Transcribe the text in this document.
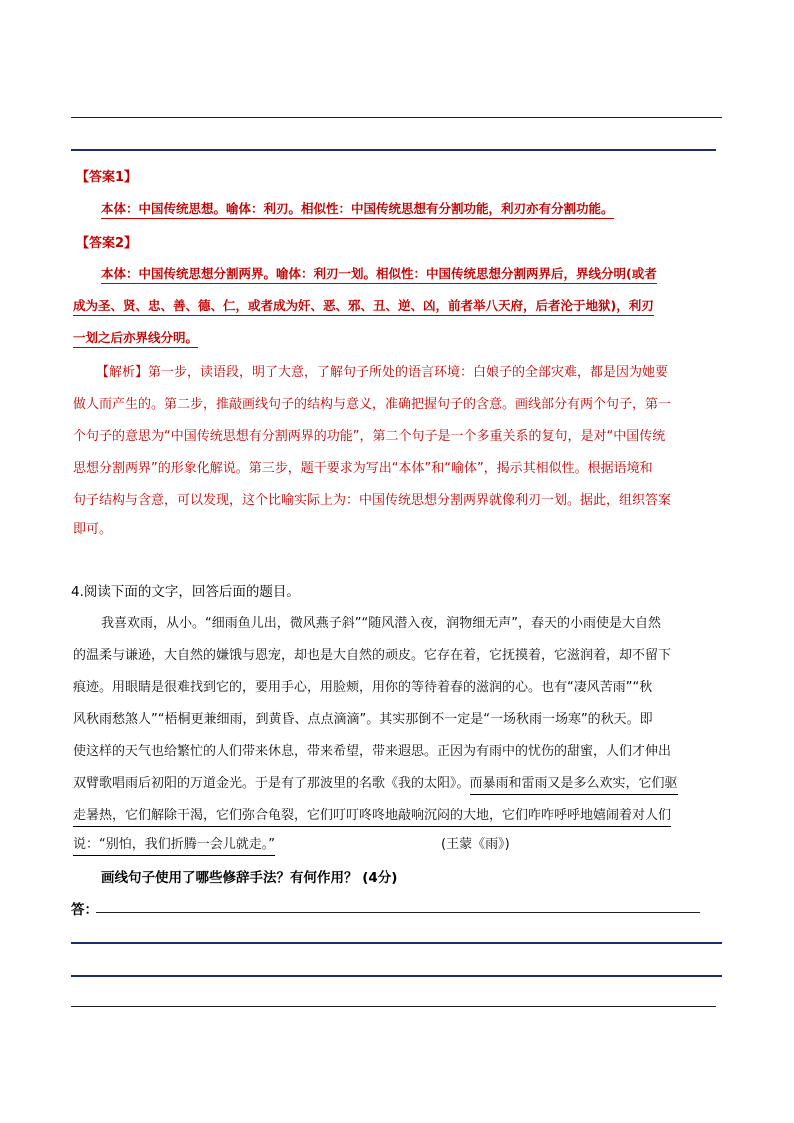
【答案1】
本体：中国传统思想。喻体：利刃。相似性：中国传统思想有分割功能，利刃亦有分割功能。
【答案2】
本体：中国传统思想分割两界。喻体：利刃一划。相似性：中国传统思想分割两界后，界线分明(或者
成为圣、贤、忠、善、德、仁，或者成为奸、恶、邪、丑、逆、凶，前者举八天府，后者沦于地狱)，利刃
一划之后亦界线分明。
【解析】第一步，读语段，明了大意，了解句子所处的语言环境：白娘子的全部灾难，都是因为她要
做人而产生的。第二步，推敲画线句子的结构与意义，准确把握句子的含意。画线部分有两个句子，第一
个句子的意思为“中国传统思想有分割两界的功能”，第二个句子是一个多重关系的复句，是对“中国传统
思想分割两界”的形象化解说。第三步，题干要求为写出“本体”和“喻体”，揭示其相似性。根据语境和
句子结构与含意，可以发现，这个比喻实际上为：中国传统思想分割两界就像利刃一划。据此，组织答案
即可。
4.阅读下面的文字，回答后面的题目。
我喜欢雨，从小。“细雨鱼儿出，微风燕子斜”“随风潜入夜，润物细无声”，春天的小雨使是大自然
的温柔与谦逊，大自然的嫌饿与恩宠，却也是大自然的顽皮。它存在着，它抚摸着，它滋润着，却不留下
痕迹。用眼睛是很难找到它的，要用手心，用脸颊，用你的等待着春的滋润的心。也有“凄风苦雨”“秋
风秋雨愁煞人”“梧桐更兼细雨，到黄昏、点点滴滴”。其实那倒不一定是“一场秋雨一场寒”的秋天。即
使这样的天气也给繁忙的人们带来休息，带来希望，带来遐思。正因为有雨中的忧伤的甜蜜，人们才伸出
双臂歌唱雨后初阳的万道金光。于是有了那波里的名歌《我的太阳》。而暴雨和雷雨又是多么欢实，它们驱
走暑热，它们解除干渴，它们弥合龟裂，它们叮叮咚咚地敲响沉闷的大地，它们咋咋呼呼地嬉闹着对人们
说：“别怕，我们折腾一会儿就走。”	(王蒙《雨》)
画线句子使用了哪些修辞手法？有何作用？ (4分)
答：
